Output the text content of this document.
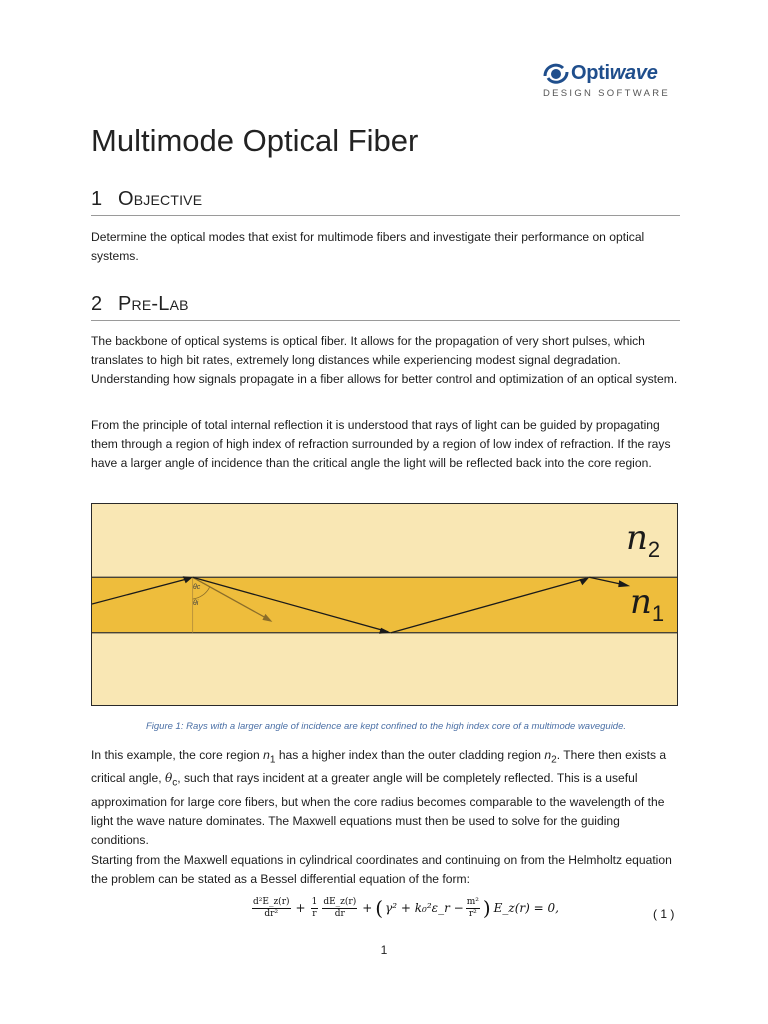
Optiwave
DESIGN SOFTWARE
Multimode Optical Fiber
1 Objective

Determine the optical modes that exist for multimode fibers and investigate their performance on optical systems.

2 Pre-Lab

The backbone of optical systems is optical fiber. It allows for the propagation of very short pulses, which translates to high bit rates, extremely long distances while experiencing modest signal degradation. Understanding how signals propagate in a fiber allows for better control and optimization of an optical system.

From the principle of total internal reflection it is understood that rays of light can be guided by propagating them through a region of high index of refraction surrounded by a region of low index of refraction. If the rays have a larger angle of incidence than the critical angle the light will be reflected back into the core region.

$n_2$
$n_1$
θc
θi
Figure 1: Rays with a larger angle of incidence are kept confined to the high index core of a multimode waveguide.

In this example, the core region $n_1$ has a higher index than the outer cladding region $n_2$. There then exists a critical angle, $\theta_c$, such that rays incident at a greater angle will be completely reflected. This is a useful approximation for large core fibers, but when the core radius becomes comparable to the wavelength of the light the wave nature dominates. The Maxwell equations must then be used to solve for the guiding conditions.

Starting from the Maxwell equations in cylindrical coordinates and continuing on from the Helmholtz equation the problem can be stated as a Bessel differential equation of the form:

$\frac{\text{d²E\_z(r)}}{\text{dr²}} + \frac{1}{r} \frac{dE\_z(r)}{dr}$ + ( γ² + k₀²ε_r − $\frac{\text{m²}}{\text{r²}}$ ) E_z(r) = 0,	( 1 )
1
